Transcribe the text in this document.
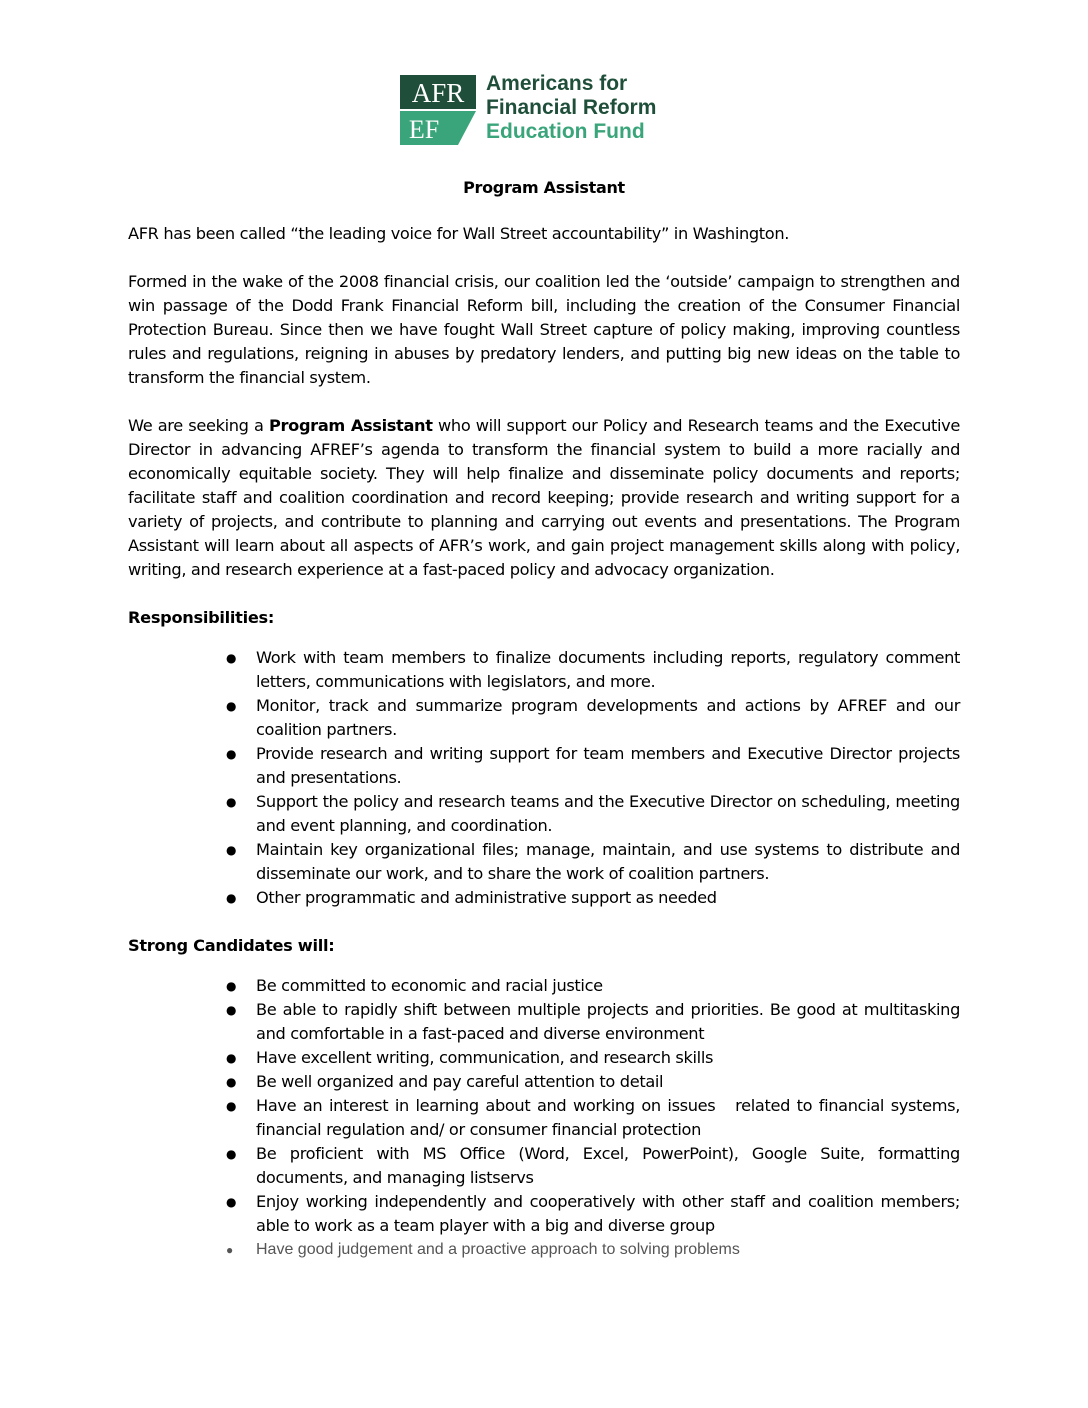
AFR
EF
Americans for
Financial Reform
Education Fund
Program Assistant

AFR has been called “the leading voice for Wall Street accountability” in Washington.

Formed in the wake of the 2008 financial crisis, our coalition led the ‘outside’ campaign to strengthen and win passage of the Dodd Frank Financial Reform bill, including the creation of the Consumer Financial Protection Bureau. Since then we have fought Wall Street capture of policy making, improving countless rules and regulations, reigning in abuses by predatory lenders, and putting big new ideas on the table to transform the financial system.

We are seeking a Program Assistant who will support our Policy and Research teams and the Executive Director in advancing AFREF’s agenda to transform the financial system to build a more racially and economically equitable society. They will help finalize and disseminate policy documents and reports; facilitate staff and coalition coordination and record keeping; provide research and writing support for a variety of projects, and contribute to planning and carrying out events and presentations. The Program Assistant will learn about all aspects of AFR’s work, and gain project management skills along with policy, writing, and research experience at a fast-paced policy and advocacy organization.

Responsibilities:
● Work with team members to finalize documents including reports, regulatory comment letters, communications with legislators, and more.
● Monitor, track and summarize program developments and actions by AFREF and our coalition partners.
● Provide research and writing support for team members and Executive Director projects and presentations.
● Support the policy and research teams and the Executive Director on scheduling, meeting and event planning, and coordination.
● Maintain key organizational files; manage, maintain, and use systems to distribute and disseminate our work, and to share the work of coalition partners.
● Other programmatic and administrative support as needed
Strong Candidates will:
● Be committed to economic and racial justice
● Be able to rapidly shift between multiple projects and priorities. Be good at multitasking and comfortable in a fast-paced and diverse environment
● Have excellent writing, communication, and research skills
● Be well organized and pay careful attention to detail
● Have an interest in learning about and working on issues   related to financial systems, financial regulation and/ or consumer financial protection
● Be proficient with MS Office (Word, Excel, PowerPoint), Google Suite, formatting documents, and managing listservs
● Enjoy working independently and cooperatively with other staff and coalition members; able to work as a team player with a big and diverse group
● Have good judgement and a proactive approach to solving problems
